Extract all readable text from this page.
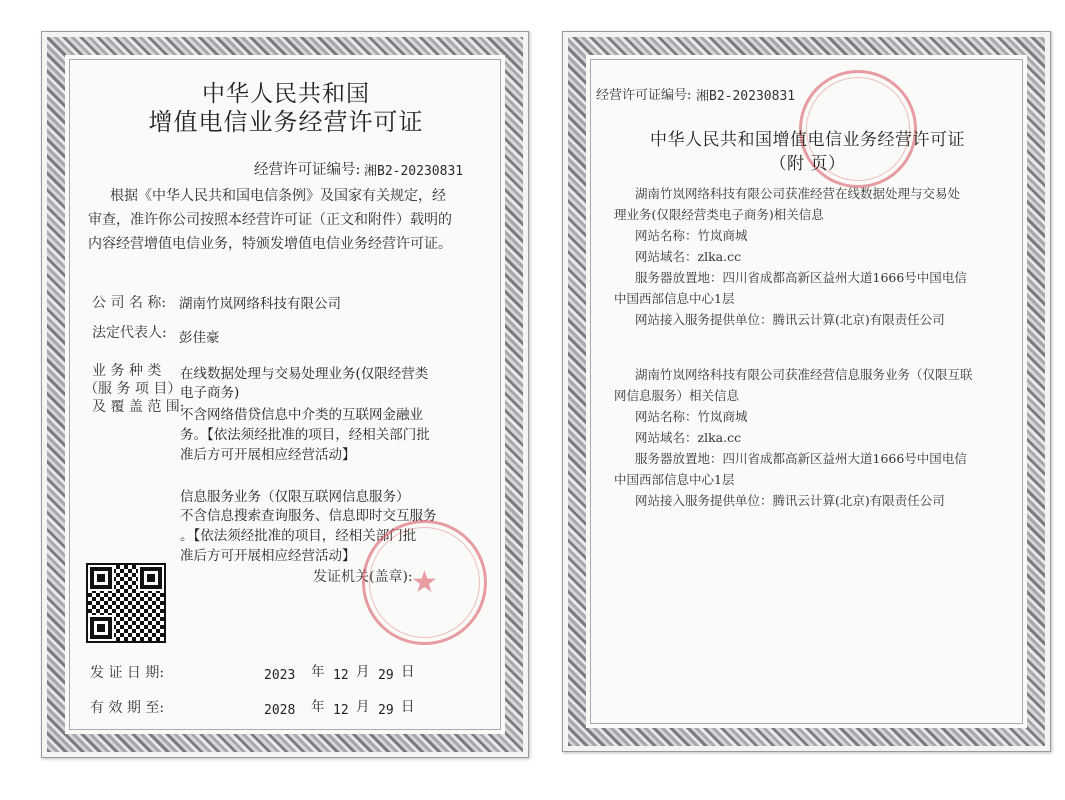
中华人民共和国
增值电信业务经营许可证
经营许可证编号: 湘B2-20230831
根据《中华人民共和国电信条例》及国家有关规定，经
审查，准许你公司按照本经营许可证（正文和附件）载明的
内容经营增值电信业务，特颁发增值电信业务经营许可证。
公 司 名 称: 湖南竹岚网络科技有限公司
法定代表人: 彭佳豪
业 务 种 类
（服 务 项 目）
及 覆 盖 范 围:
在线数据处理与交易处理业务(仅限经营类
电子商务)
不含网络借贷信息中介类的互联网金融业
务。【依法须经批准的项目，经相关部门批
准后方可开展相应经营活动】
信息服务业务（仅限互联网信息服务）
不含信息搜索查询服务、信息即时交互服务
。【依法须经批准的项目，经相关部门批
准后方可开展相应经营活动】
发证机关(盖章):
★
发 证 日 期:	2023 年 12 月 29 日
有 效 期 至:	2028 年 12 月 29 日
经营许可证编号: 湘B2-20230831
中华人民共和国增值电信业务经营许可证
（附 页）
湖南竹岚网络科技有限公司获准经营在线数据处理与交易处
理业务(仅限经营类电子商务)相关信息
网站名称：竹岚商城
网站域名：zlka.cc
服务器放置地：四川省成都高新区益州大道1666号中国电信
中国西部信息中心1层
网站接入服务提供单位：腾讯云计算(北京)有限责任公司
湖南竹岚网络科技有限公司获准经营信息服务业务（仅限互联
网信息服务）相关信息
网站名称：竹岚商城
网站域名：zlka.cc
服务器放置地：四川省成都高新区益州大道1666号中国电信
中国西部信息中心1层
网站接入服务提供单位：腾讯云计算(北京)有限责任公司
